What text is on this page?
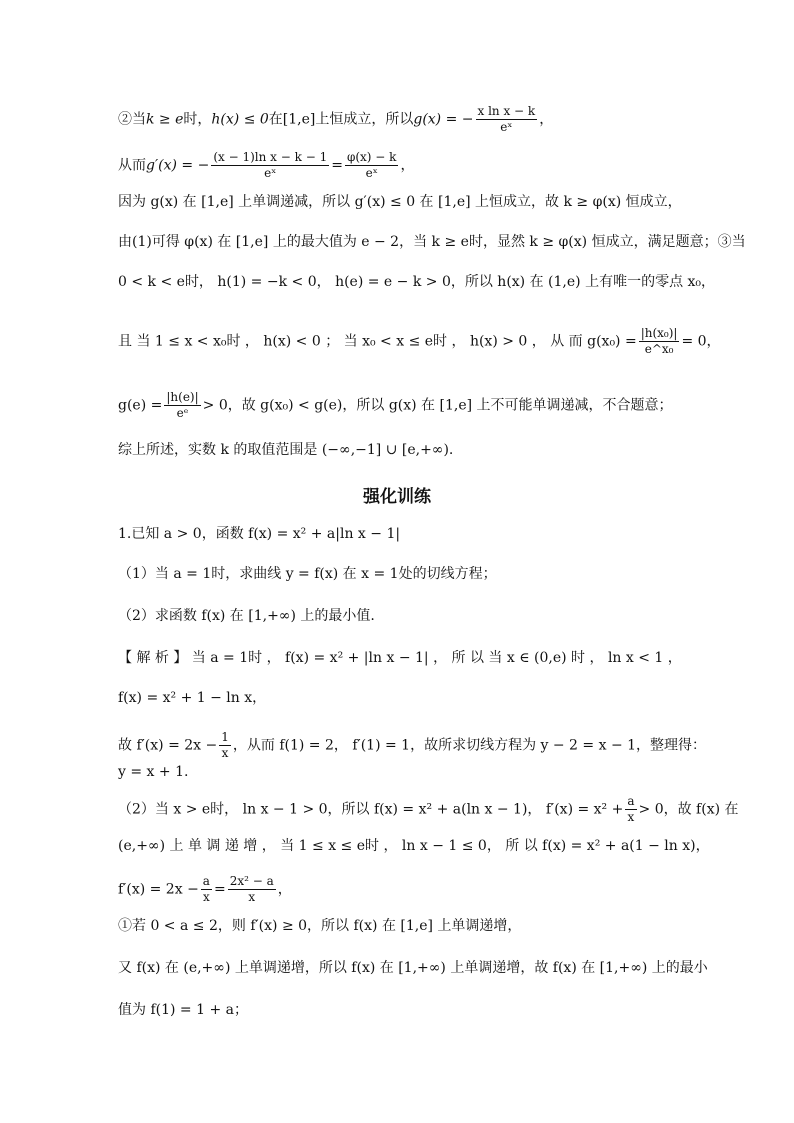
②当k ≥ e时，h(x) ≤ 0在[1,e]上恒成立，所以g(x) = − $\frac{\text{x ln x − k}}{\text{eˣ}}$ ，
从而g′(x) = − $\frac{\text{(x − 1)ln x − k − 1}}{\text{eˣ}} = \frac{\varphi(x) - k}{\text{eˣ}}$ ，
因为 g(x) 在 [1,e] 上单调递减，所以 g′(x) ≤ 0 在 [1,e] 上恒成立，故 k ≥ φ(x) 恒成立，
由(1)可得 φ(x) 在 [1,e] 上的最大值为 e − 2，当 k ≥ e时，显然 k ≥ φ(x) 恒成立，满足题意；③当
0 < k < e时， h(1) = −k < 0， h(e) = e − k > 0，所以 h(x) 在 (1,e) 上有唯一的零点 x₀，
且 当 1 ≤ x < x₀时 ， h(x) < 0 ； 当 x₀ < x ≤ e时 ， h(x) > 0 ， 从 而 $g(x_0) = \frac{\text{|h(x₀)|}}{\text{e\textasciicircum{}x₀}} = 0$，
$g(e) = \frac{|h(e)|}{\text{eᵉ}} > 0$，故 g(x₀) < g(e)，所以 g(x) 在 [1,e] 上不可能单调递减，不合题意；
综上所述，实数 k 的取值范围是 (−∞,−1] ∪ [e,+∞).
强化训练
1.已知 a > 0，函数 f(x) = x² + a|ln x − 1|
（1）当 a = 1时，求曲线 y = f(x) 在 x = 1处的切线方程；
（2）求函数 f(x) 在 [1,+∞) 上的最小值.
【 解 析 】 当 a = 1时 ， f(x) = x² + |ln x − 1| ， 所 以 当 x ∈ (0,e) 时 ， ln x < 1 ，
f(x) = x² + 1 − ln x，
故 $f'(x) = 2x - \frac{1}{x}$ ，从而 f(1) = 2， f′(1) = 1，故所求切线方程为 y − 2 = x − 1，整理得：
y = x + 1.
（2）当 x > e时， ln x − 1 > 0，所以 f(x) = x² + a(ln x − 1)， $f'(x) = x^2 + \frac{a}{x} > 0$，故 f(x) 在
(e,+∞) 上 单 调 递 增 ， 当 1 ≤ x ≤ e时 ， ln x − 1 ≤ 0， 所 以 f(x) = x² + a(1 − ln x)，
$f'(x) = 2x - \frac{a}{x} = \frac{\text{2x² − a}}{x}$ ，
①若 0 < a ≤ 2，则 f′(x) ≥ 0，所以 f(x) 在 [1,e] 上单调递增，
又 f(x) 在 (e,+∞) 上单调递增，所以 f(x) 在 [1,+∞) 上单调递增，故 f(x) 在 [1,+∞) 上的最小
值为 f(1) = 1 + a；
